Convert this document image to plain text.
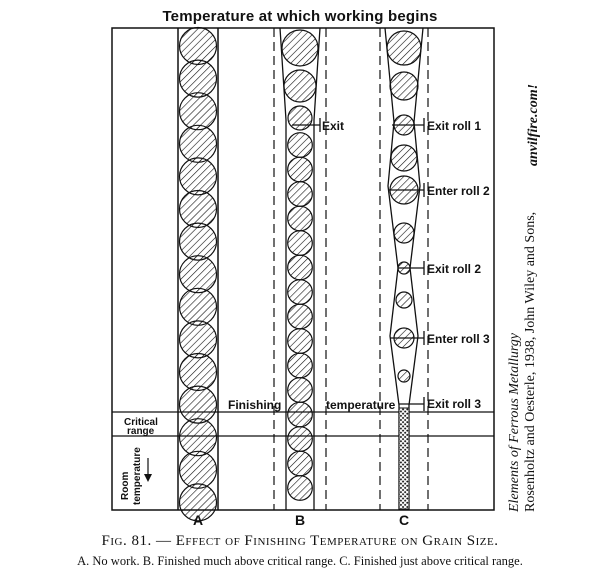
Temperature at which working begins
Exit	Exit roll 1
Enter roll 2
Exit roll 2
Enter roll 3
Exit roll 3
Finishing	temperature
Critical
range
Room temperature
A	B	C
Elements of Ferrous Metallurgy Rosenholtz and Oesterle, 1938, John Wiley and Sons,
anvilfire.com!
Fig. 81. — Effect of Finishing Temperature on Grain Size.
A. No work. B. Finished much above critical range. C. Finished just above critical range.
